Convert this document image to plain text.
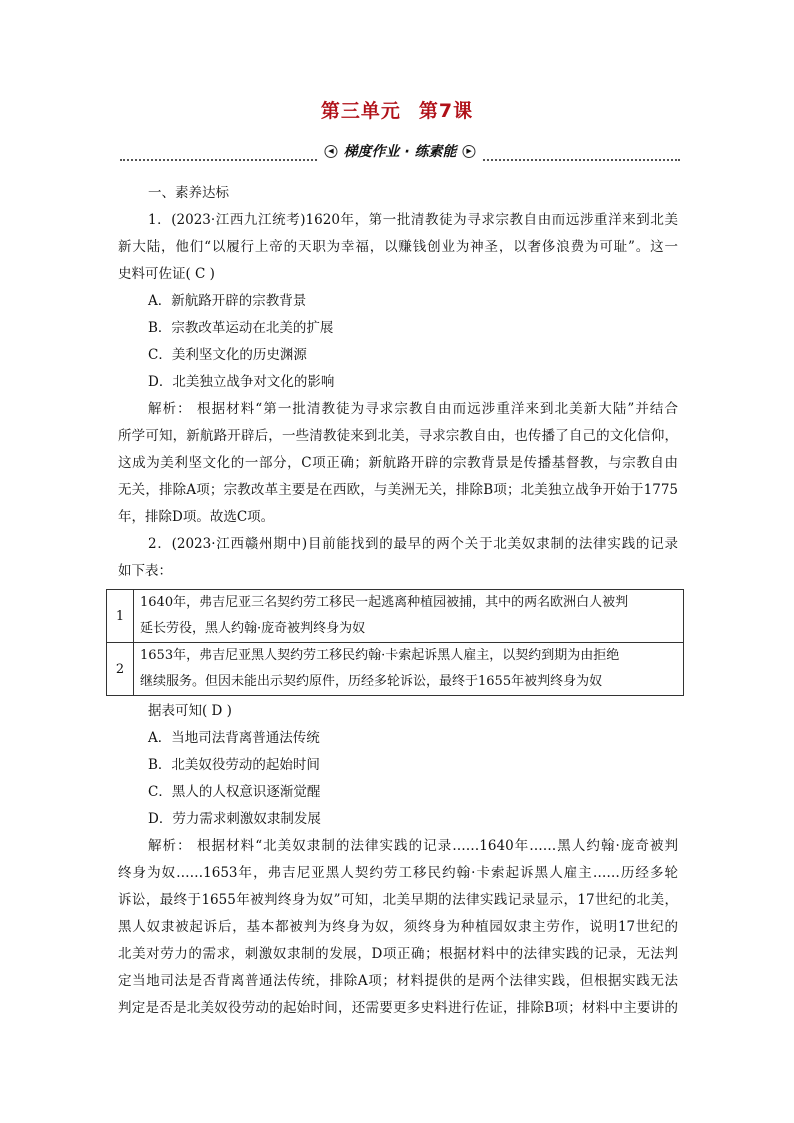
第三单元 第7课
◀ 梯度作业 · 练素能	▶
一、素养达标
1．(2023·江西九江统考)1620年，第一批清教徒为寻求宗教自由而远涉重洋来到北美
新大陆，他们“以履行上帝的天职为幸福，以赚钱创业为神圣，以奢侈浪费为可耻”。这一
史料可佐证( C )
A．新航路开辟的宗教背景
B．宗教改革运动在北美的扩展
C．美利坚文化的历史渊源
D．北美独立战争对文化的影响
解析： 根据材料“第一批清教徒为寻求宗教自由而远涉重洋来到北美新大陆”并结合
所学可知，新航路开辟后，一些清教徒来到北美，寻求宗教自由，也传播了自己的文化信仰，
这成为美利坚文化的一部分，C项正确；新航路开辟的宗教背景是传播基督教，与宗教自由
无关，排除A项；宗教改革主要是在西欧，与美洲无关，排除B项；北美独立战争开始于1775
年，排除D项。故选C项。
2．(2023·江西赣州期中)目前能找到的最早的两个关于北美奴隶制的法律实践的记录
如下表：
1	1640年，弗吉尼亚三名契约劳工移民一起逃离种植园被捕，其中的两名欧洲白人被判
延长劳役，黑人约翰·庞奇被判终身为奴

2	1653年，弗吉尼亚黑人契约劳工移民约翰·卡索起诉黑人雇主，以契约到期为由拒绝
继续服务。但因未能出示契约原件，历经多轮诉讼，最终于1655年被判终身为奴
据表可知( D )
A．当地司法背离普通法传统
B．北美奴役劳动的起始时间
C．黑人的人权意识逐渐觉醒
D．劳力需求刺激奴隶制发展
解析： 根据材料“北美奴隶制的法律实践的记录……1640年……黑人约翰·庞奇被判
终身为奴……1653年，弗吉尼亚黑人契约劳工移民约翰·卡索起诉黑人雇主……历经多轮
诉讼，最终于1655年被判终身为奴”可知，北美早期的法律实践记录显示，17世纪的北美，
黑人奴隶被起诉后，基本都被判为终身为奴，须终身为种植园奴隶主劳作，说明17世纪的
北美对劳力的需求，刺激奴隶制的发展，D项正确；根据材料中的法律实践的记录，无法判
定当地司法是否背离普通法传统，排除A项；材料提供的是两个法律实践，但根据实践无法
判定是否是北美奴役劳动的起始时间，还需要更多史料进行佐证，排除B项；材料中主要讲的
